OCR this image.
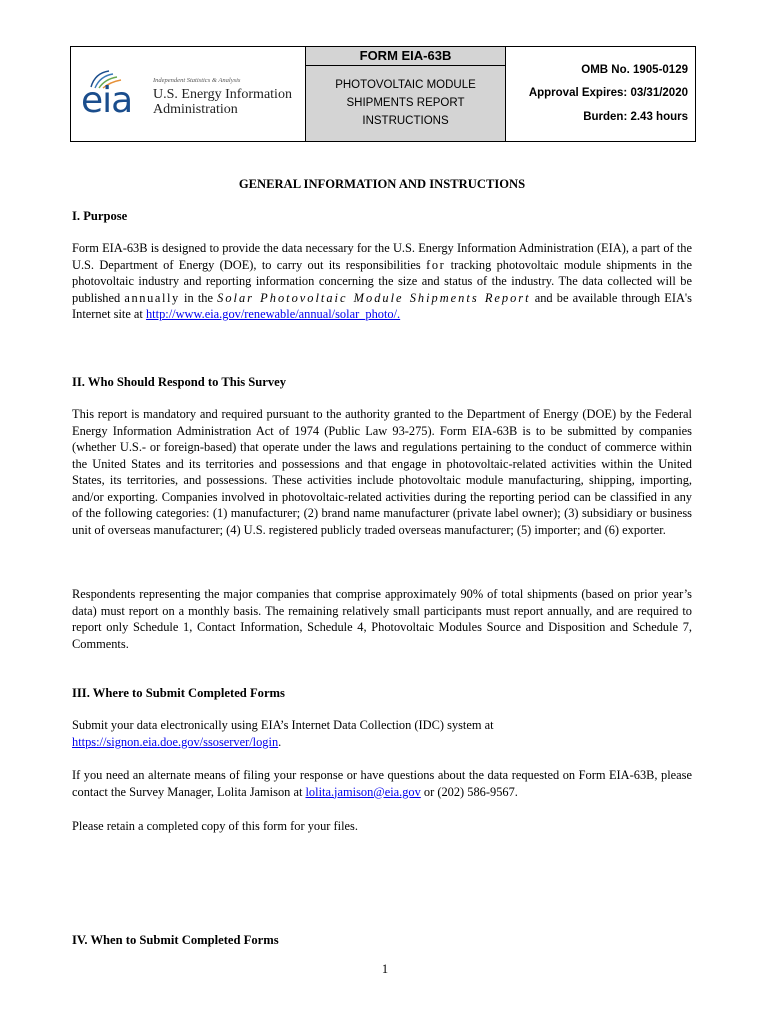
eia	Independent Statistics & Analysis
U.S. Energy Information
Administration
FORM EIA-63B
PHOTOVOLTAIC MODULE
SHIPMENTS REPORT
INSTRUCTIONS
OMB No. 1905-0129
Approval Expires: 03/31/2020
Burden: 2.43 hours
GENERAL INFORMATION AND INSTRUCTIONS
I. Purpose
Form EIA-63B is designed to provide the data necessary for the U.S. Energy Information Administration (EIA), a part of the U.S. Department of Energy (DOE), to carry out its responsibilities for tracking photovoltaic module shipments in the photovoltaic industry and reporting information concerning the size and status of the industry. The data collected will be published annually in the Solar Photovoltaic Module Shipments Report and be available through EIA's Internet site at http://www.eia.gov/renewable/annual/solar_photo/.
II. Who Should Respond to This Survey
This report is mandatory and required pursuant to the authority granted to the Department of Energy (DOE) by the Federal Energy Information Administration Act of 1974 (Public Law 93-275). Form EIA-63B is to be submitted by companies (whether U.S.- or foreign-based) that operate under the laws and regulations pertaining to the conduct of commerce within the United States and its territories and possessions and that engage in photovoltaic-related activities within the United States, its territories, and possessions. These activities include photovoltaic module manufacturing, shipping, importing, and/or exporting. Companies involved in photovoltaic-related activities during the reporting period can be classified in any of the following categories: (1) manufacturer; (2) brand name manufacturer (private label owner); (3) subsidiary or business unit of overseas manufacturer; (4) U.S. registered publicly traded overseas manufacturer; (5) importer; and (6) exporter.
Respondents representing the major companies that comprise approximately 90% of total shipments (based on prior year’s data) must report on a monthly basis. The remaining relatively small participants must report annually, and are required to report only Schedule 1, Contact Information, Schedule 4, Photovoltaic Modules Source and Disposition and Schedule 7, Comments.
III. Where to Submit Completed Forms
Submit your data electronically using EIA’s Internet Data Collection (IDC) system at
https://signon.eia.doe.gov/ssoserver/login.
If you need an alternate means of filing your response or have questions about the data requested on Form EIA-63B, please contact the Survey Manager, Lolita Jamison at lolita.jamison@eia.gov or (202) 586-9567.
Please retain a completed copy of this form for your files.
IV. When to Submit Completed Forms
1
